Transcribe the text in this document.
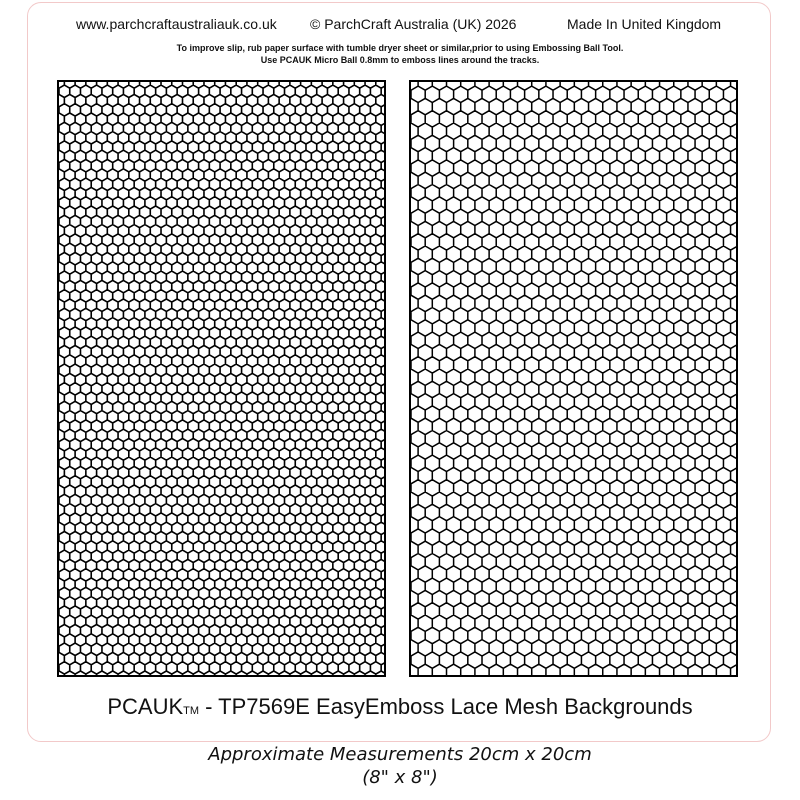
www.parchcraftaustraliauk.co.uk © ParchCraft Australia (UK) 2026	Made In United Kingdom
To improve slip, rub paper surface with tumble dryer sheet or similar,prior to using Embossing Ball Tool.
Use PCAUK Micro Ball 0.8mm to emboss lines around the tracks.
PCAUKTM - TP7569E EasyEmboss Lace Mesh Backgrounds
Approximate Measurements 20cm x 20cm
(8" x 8")
